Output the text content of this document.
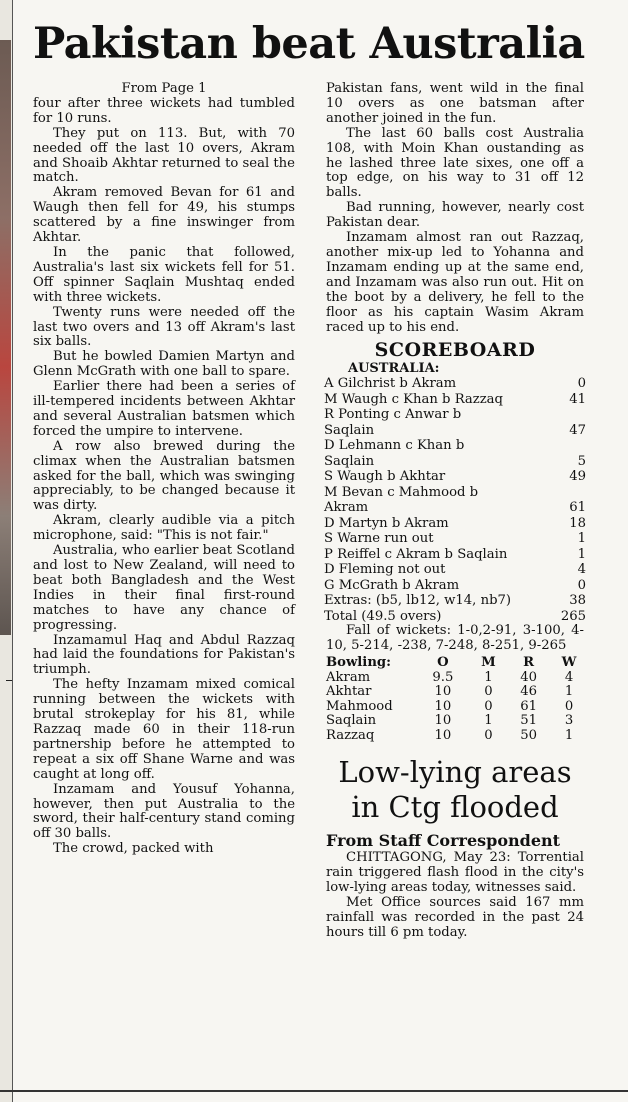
Pakistan beat Australia

From Page 1

four after three wickets had tumbled for 10 runs.

They put on 113. But, with 70 needed off the last 10 overs, Akram and Shoaib Akhtar returned to seal the match.

Akram removed Bevan for 61 and Waugh then fell for 49, his stumps scattered by a fine inswinger from Akhtar.

In the panic that followed, Australia's last six wickets fell for 51. Off spinner Saqlain Mushtaq ended with three wickets.

Twenty runs were needed off the last two overs and 13 off Akram's last six balls.

But he bowled Damien Martyn and Glenn McGrath with one ball to spare.

Earlier there had been a series of ill-tempered incidents between Akhtar and several Australian batsmen which forced the umpire to intervene.

A row also brewed during the climax when the Australian batsmen asked for the ball, which was swinging appreciably, to be changed because it was dirty.

Akram, clearly audible via a pitch microphone, said: "This is not fair."

Australia, who earlier beat Scotland and lost to New Zealand, will need to beat both Bangladesh and the West Indies in their final first-round matches to have any chance of progressing.

Inzamamul Haq and Abdul Razzaq had laid the foundations for Pakistan's triumph.

The hefty Inzamam mixed comical running between the wickets with brutal strokeplay for his 81, while Razzaq made 60 in their 118-run partnership before he attempted to repeat a six off Shane Warne and was caught at long off.

Inzamam and Yousuf Yohanna, however, then put Australia to the sword, their half-century stand coming off 30 balls.

The crowd, packed with

Pakistan fans, went wild in the final 10 overs as one batsman after another joined in the fun.

The last 60 balls cost Australia 108, with Moin Khan oustanding as he lashed three late sixes, one off a top edge, on his way to 31 off 12 balls.

Bad running, however, nearly cost Pakistan dear.

Inzamam almost ran out Razzaq, another mix-up led to Yohanna and Inzamam ending up at the same end, and Inzamam was also run out. Hit on the boot by a delivery, he fell to the floor as his captain Wasim Akram raced up to his end.

SCOREBOARD
AUSTRALIA:
A Gilchrist b Akram	0
M Waugh c Khan b Razzaq	41
R Ponting c Anwar b	
Saqlain	47
D Lehmann c Khan b	
Saqlain	5
S Waugh b Akhtar	49
M Bevan c Mahmood b	
Akram	61
D Martyn b Akram	18
S Warne run out	1
P Reiffel c Akram b Saqlain	1
D Fleming not out	4
G McGrath b Akram	0
Extras: (b5, lb12, w14, nb7)	38
Total (49.5 overs)	265

Fall of wickets: 1-0,2-91, 3-100, 4-10, 5-214, -238, 7-248, 8-251, 9-265

Bowling:	O	M	R	W
Akram	9.5	1	40	4
Akhtar	10	0	46	1
Mahmood	10	0	61	0
Saqlain	10	1	51	3
Razzaq	10	0	50	1
Low-lying areas
in Ctg flooded
From Staff Correspondent

CHITTAGONG, May 23: Torrential rain triggered flash flood in the city's low-lying areas today, witnesses said.

Met Office sources said 167 mm rainfall was recorded in the past 24 hours till 6 pm today.
